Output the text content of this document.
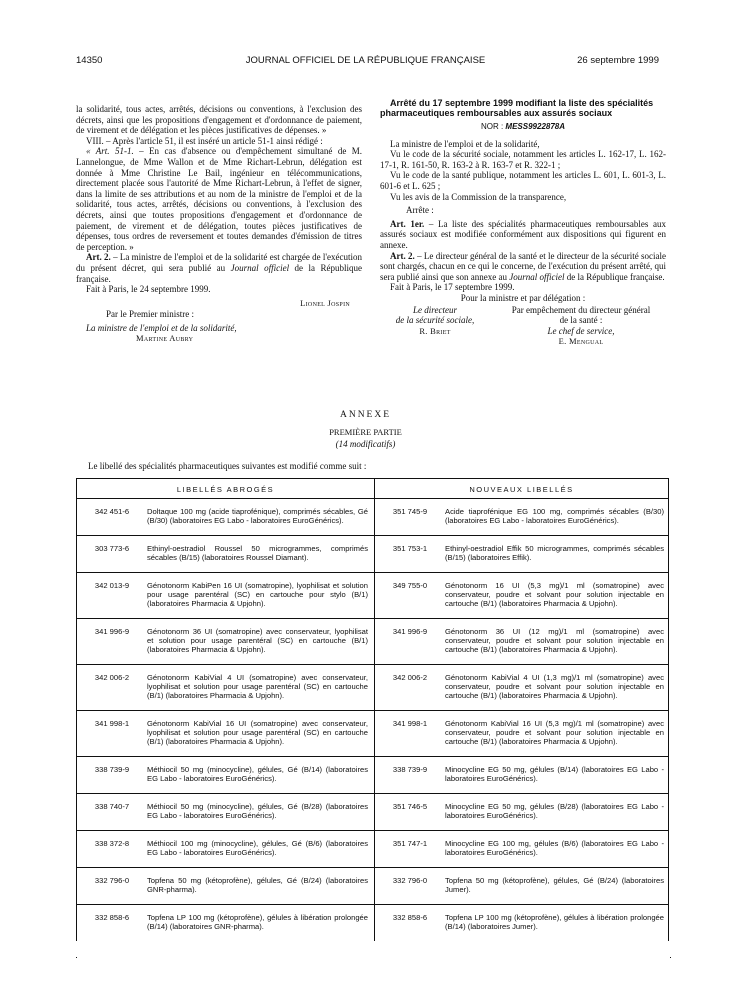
14350	JOURNAL OFFICIEL DE LA RÉPUBLIQUE FRANÇAISE	26 septembre 1999

la solidarité, tous actes, arrêtés, décisions ou conventions, à l'exclusion des décrets, ainsi que les propositions d'engagement et d'ordonnance de paiement, de virement et de délégation et les pièces justificatives de dépenses. »

VIII. – Après l'article 51, il est inséré un article 51-1 ainsi rédigé :

« Art. 51-1. – En cas d'absence ou d'empêchement simultané de M. Lannelongue, de Mme Wallon et de Mme Richart-Lebrun, délégation est donnée à Mme Christine Le Bail, ingénieur en télécommunications, directement placée sous l'autorité de Mme Richart-Lebrun, à l'effet de signer, dans la limite de ses attributions et au nom de la ministre de l'emploi et de la solidarité, tous actes, arrêtés, décisions ou conventions, à l'exclusion des décrets, ainsi que toutes propositions d'engagement et d'ordonnance de paiement, de virement et de délégation, toutes pièces justificatives de dépenses, tous ordres de reversement et toutes demandes d'émission de titres de perception. »

Art. 2. – La ministre de l'emploi et de la solidarité est chargée de l'exécution du présent décret, qui sera publié au Journal officiel de la République française.

Fait à Paris, le 24 septembre 1999.

Lionel Jospin
Par le Premier ministre :
La ministre de l'emploi et de la solidarité,
Martine Aubry

Arrêté du 17 septembre 1999 modifiant la liste des spécialités pharmaceutiques remboursables aux assurés sociaux

NOR : MESS9922878A

La ministre de l'emploi et de la solidarité,

Vu le code de la sécurité sociale, notamment les articles L. 162-17, L. 162-17-1, R. 161-50, R. 163-2 à R. 163-7 et R. 322-1 ;

Vu le code de la santé publique, notamment les articles L. 601, L. 601-3, L. 601-6 et L. 625 ;

Vu les avis de la Commission de la transparence,

Arrête :

Art. 1er. – La liste des spécialités pharmaceutiques remboursables aux assurés sociaux est modifiée conformément aux dispositions qui figurent en annexe.

Art. 2. – Le directeur général de la santé et le directeur de la sécurité sociale sont chargés, chacun en ce qui le concerne, de l'exécution du présent arrêté, qui sera publié ainsi que son annexe au Journal officiel de la République française.

Fait à Paris, le 17 septembre 1999.

Pour la ministre et par délégation :
Le directeur
de la sécurité sociale,
R. Briet
Par empêchement du directeur général
de la santé :
Le chef de service,
E. Mengual
ANNEXE
PREMIÈRE PARTIE
(14 modificatifs)
Le libellé des spécialités pharmaceutiques suivantes est modifié comme suit :
LIBELLÉS ABROGÉS		NOUVEAUX LIBELLÉS	
342 451-6	Doltaque 100 mg (acide tiaprofénique), comprimés sécables, Gé (B/30) (laboratoires EG Labo - laboratoires EuroGénérics).	351 745-9	Acide tiaprofénique EG 100 mg, comprimés sécables (B/30) (laboratoires EG Labo - laboratoires EuroGénérics).
303 773-6	Ethinyl-oestradiol Roussel 50 microgrammes, comprimés sécables (B/15) (laboratoires Roussel Diamant).	351 753-1	Ethinyl-oestradiol Effik 50 microgrammes, comprimés sécables (B/15) (laboratoires Effik).
342 013-9	Génotonorm KabiPen 16 UI (somatropine), lyophilisat et solution pour usage parentéral (SC) en cartouche pour stylo (B/1) (laboratoires Pharmacia & Upjohn).	349 755-0	Génotonorm 16 UI (5,3 mg)/1 ml (somatropine) avec conservateur, poudre et solvant pour solution injectable en cartouche (B/1) (laboratoires Pharmacia & Upjohn).
341 996-9	Génotonorm 36 UI (somatropine) avec conservateur, lyophilisat et solution pour usage parentéral (SC) en cartouche (B/1) (laboratoires Pharmacia & Upjohn).	341 996-9	Génotonorm 36 UI (12 mg)/1 ml (somatropine) avec conservateur, poudre et solvant pour solution injectable en cartouche (B/1) (laboratoires Pharmacia & Upjohn).
342 006-2	Génotonorm KabiVial 4 UI (somatropine) avec conservateur, lyophilisat et solution pour usage parentéral (SC) en cartouche (B/1) (laboratoires Pharmacia & Upjohn).	342 006-2	Génotonorm KabiVial 4 UI (1,3 mg)/1 ml (somatropine) avec conservateur, poudre et solvant pour solution injectable en cartouche (B/1) (laboratoires Pharmacia & Upjohn).
341 998-1	Génotonorm KabiVial 16 UI (somatropine) avec conservateur, lyophilisat et solution pour usage parentéral (SC) en cartouche (B/1) (laboratoires Pharmacia & Upjohn).	341 998-1	Génotonorm KabiVial 16 UI (5,3 mg)/1 ml (somatropine) avec conservateur, poudre et solvant pour solution injectable en cartouche (B/1) (laboratoires Pharmacia & Upjohn).
338 739-9	Méthiocil 50 mg (minocycline), gélules, Gé (B/14) (laboratoires EG Labo - laboratoires EuroGénérics).	338 739-9	Minocycline EG 50 mg, gélules (B/14) (laboratoires EG Labo - laboratoires EuroGénérics).
338 740-7	Méthiocil 50 mg (minocycline), gélules, Gé (B/28) (laboratoires EG Labo - laboratoires EuroGénérics).	351 746-5	Minocycline EG 50 mg, gélules (B/28) (laboratoires EG Labo - laboratoires EuroGénérics).
338 372-8	Méthiocil 100 mg (minocycline), gélules, Gé (B/6) (laboratoires EG Labo - laboratoires EuroGénérics).	351 747-1	Minocycline EG 100 mg, gélules (B/6) (laboratoires EG Labo - laboratoires EuroGénérics).
332 796-0	Topfena 50 mg (kétoprofène), gélules, Gé (B/24) (laboratoires GNR-pharma).	332 796-0	Topfena 50 mg (kétoprofène), gélules, Gé (B/24) (laboratoires Jumer).
332 858-6	Topfena LP 100 mg (kétoprofène), gélules à libération prolongée (B/14) (laboratoires GNR-pharma).	332 858-6	Topfena LP 100 mg (kétoprofène), gélules à libération prolongée (B/14) (laboratoires Jumer).
